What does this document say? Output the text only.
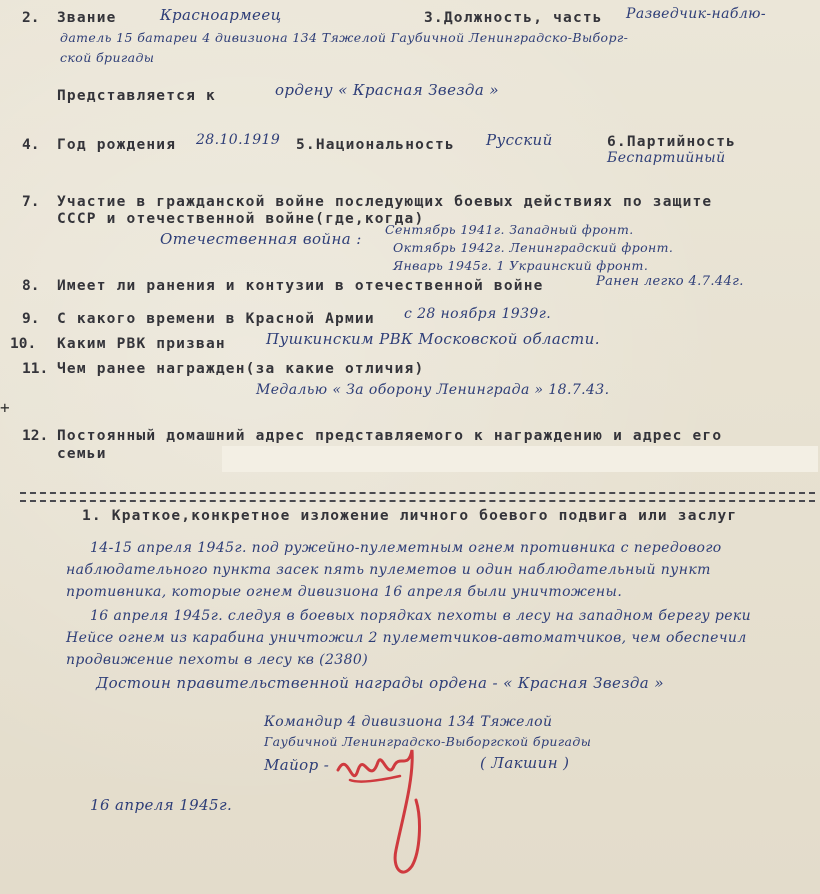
2. Звание	Красноармеец	3.Должность, часть Разведчик-наблю-
датель 15 батареи 4 дивизиона 134 Тяжелой Гаубичной Ленинградско-Выборг-
ской бригады
Представляется к	ордену « Красная Звезда »
4. Год рождения 28.10.1919 5.Национальность Русский	6.Партийность
Беспартийный
7. Участие в гражданской войне последующих боевых действиях по защите
СССР и отечественной войне(где,когда)
Отечественная война :
Сентябрь 1941г. Западный фронт.
Октябрь 1942г. Ленинградский фронт.
Январь 1945г. 1 Украинский фронт.
8. Имеет ли ранения и контузии в отечественной войне	Ранен легко 4.7.44г.
9. С какого времени в Красной Армии с 28 ноября 1939г.
10. Каким РВК призван	Пушкинским РВК Московской области.
11. Чем ранее награжден(за какие отличия)
Медалью « За оборону Ленинграда » 18.7.43.
+
12. Постоянный домашний адрес представляемого к награждению и адрес его
семьи
1. Краткое,конкретное изложение личного боевого подвига или заслуг
14-15 апреля 1945г. под ружейно-пулеметным огнем противника с передового
наблюдательного пункта засек пять пулеметов и один наблюдательный пункт
противника, которые огнем дивизиона 16 апреля были уничтожены.
16 апреля 1945г. следуя в боевых порядках пехоты в лесу на западном берегу реки
Нейсе огнем из карабина уничтожил 2 пулеметчиков-автоматчиков, чем обеспечил
продвижение пехоты в лесу кв (2380)
Достоин правительственной награды ордена - « Красная Звезда »
Командир 4 дивизиона 134 Тяжелой
Гаубичной Ленинградско-Выборгской бригады
Майор -	( Лакшин )
16 апреля 1945г.
